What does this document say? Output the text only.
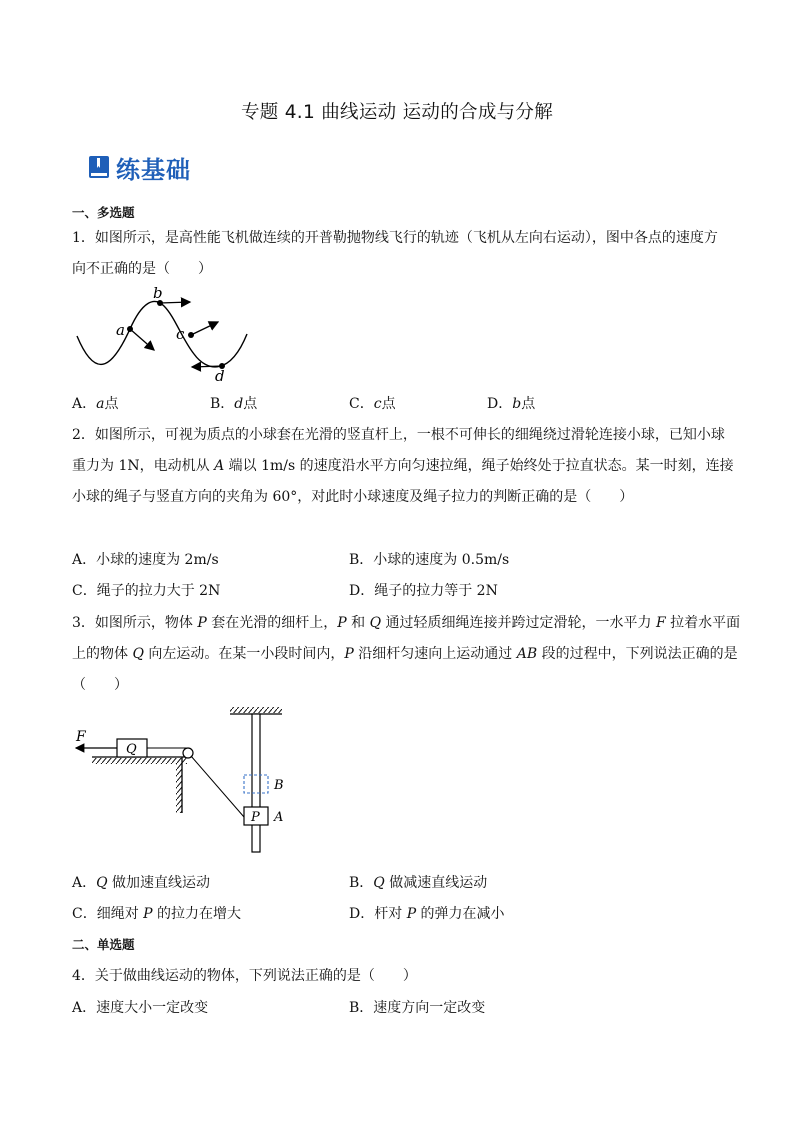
专题 4.1 曲线运动 运动的合成与分解
练基础
一、多选题
1．如图所示，是高性能飞机做连续的开普勒抛物线飞行的轨迹（飞机从左向右运动），图中各点的速度方
向不正确的是（　　）
a
b
c
d
A．a点	B．d点	C．c点	D．b点
2．如图所示，可视为质点的小球套在光滑的竖直杆上，一根不可伸长的细绳绕过滑轮连接小球，已知小球
重力为 1N，电动机从 A 端以 1m/s 的速度沿水平方向匀速拉绳，绳子始终处于拉直状态。某一时刻，连接
小球的绳子与竖直方向的夹角为 60°，对此时小球速度及绳子拉力的判断正确的是（　　）
A．小球的速度为 2m/s	B．小球的速度为 0.5m/s
C．绳子的拉力大于 2N	D．绳子的拉力等于 2N
3．如图所示，物体 P 套在光滑的细杆上，P 和 Q 通过轻质细绳连接并跨过定滑轮，一水平力 F 拉着水平面
上的物体 Q 向左运动。在某一小段时间内，P 沿细杆匀速向上运动通过 AB 段的过程中，下列说法正确的是
（　　）
F
Q
P A
B
A．Q 做加速直线运动	B．Q 做减速直线运动
C．细绳对 P 的拉力在增大	D．杆对 P 的弹力在减小
二、单选题
4．关于做曲线运动的物体，下列说法正确的是（　　）
A．速度大小一定改变	B．速度方向一定改变
